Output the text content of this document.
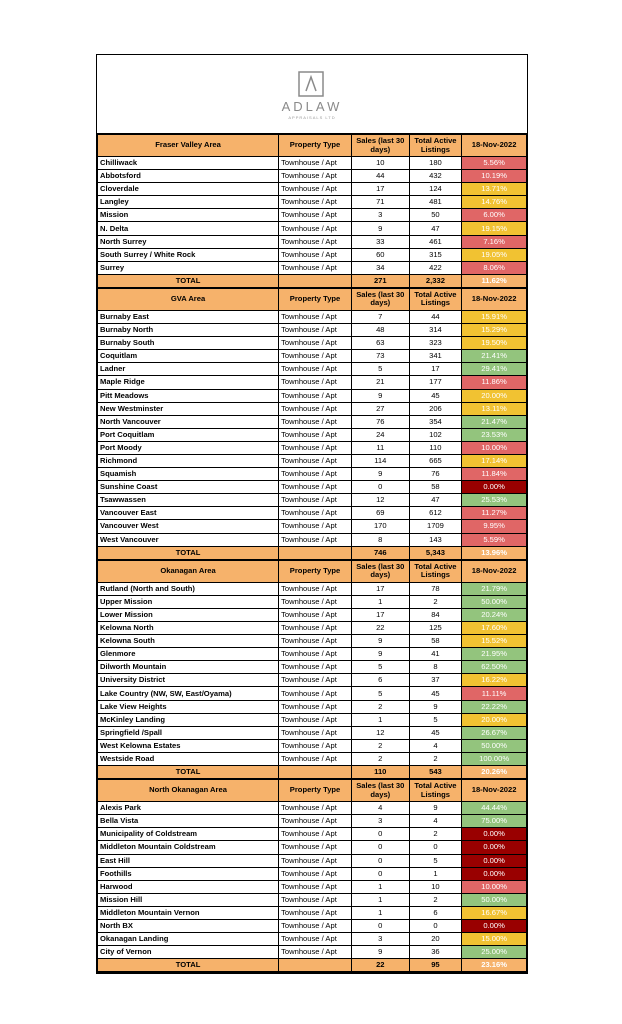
ADLAW
APPRAISALS LTD
Fraser Valley Area	Property Type	Sales (last 30 days)	Total Active Listings	18-Nov-2022
Chilliwack	Townhouse / Apt	10	180	5.56%
Abbotsford	Townhouse / Apt	44	432	10.19%
Cloverdale	Townhouse / Apt	17	124	13.71%
Langley	Townhouse / Apt	71	481	14.76%
Mission	Townhouse / Apt	3	50	6.00%
N. Delta	Townhouse / Apt	9	47	19.15%
North Surrey	Townhouse / Apt	33	461	7.16%
South Surrey / White Rock	Townhouse / Apt	60	315	19.05%
Surrey	Townhouse / Apt	34	422	8.06%
TOTAL		271	2,332	11.62%
GVA Area	Property Type	Sales (last 30 days)	Total Active Listings	18-Nov-2022
Burnaby East	Townhouse / Apt	7	44	15.91%
Burnaby North	Townhouse / Apt	48	314	15.29%
Burnaby South	Townhouse / Apt	63	323	19.50%
Coquitlam	Townhouse / Apt	73	341	21.41%
Ladner	Townhouse / Apt	5	17	29.41%
Maple Ridge	Townhouse / Apt	21	177	11.86%
Pitt Meadows	Townhouse / Apt	9	45	20.00%
New Westminster	Townhouse / Apt	27	206	13.11%
North Vancouver	Townhouse / Apt	76	354	21.47%
Port Coquitlam	Townhouse / Apt	24	102	23.53%
Port Moody	Townhouse / Apt	11	110	10.00%
Richmond	Townhouse / Apt	114	665	17.14%
Squamish	Townhouse / Apt	9	76	11.84%
Sunshine Coast	Townhouse / Apt	0	58	0.00%
Tsawwassen	Townhouse / Apt	12	47	25.53%
Vancouver East	Townhouse / Apt	69	612	11.27%
Vancouver West	Townhouse / Apt	170	1709	9.95%
West Vancouver	Townhouse / Apt	8	143	5.59%
TOTAL		746	5,343	13.96%
Okanagan Area	Property Type	Sales (last 30 days)	Total Active Listings	18-Nov-2022
Rutland (North and South)	Townhouse / Apt	17	78	21.79%
Upper Mission	Townhouse / Apt	1	2	50.00%
Lower Mission	Townhouse / Apt	17	84	20.24%
Kelowna North	Townhouse / Apt	22	125	17.60%
Kelowna South	Townhouse / Apt	9	58	15.52%
Glenmore	Townhouse / Apt	9	41	21.95%
Dilworth Mountain	Townhouse / Apt	5	8	62.50%
University District	Townhouse / Apt	6	37	16.22%
Lake Country (NW, SW, East/Oyama)	Townhouse / Apt	5	45	11.11%
Lake View Heights	Townhouse / Apt	2	9	22.22%
McKinley Landing	Townhouse / Apt	1	5	20.00%
Springfield /Spall	Townhouse / Apt	12	45	26.67%
West Kelowna Estates	Townhouse / Apt	2	4	50.00%
Westside Road	Townhouse / Apt	2	2	100.00%
TOTAL		110	543	20.26%
North Okanagan Area	Property Type	Sales (last 30 days)	Total Active Listings	18-Nov-2022
Alexis Park	Townhouse / Apt	4	9	44.44%
Bella Vista	Townhouse / Apt	3	4	75.00%
Municipality of Coldstream	Townhouse / Apt	0	2	0.00%
Middleton Mountain Coldstream	Townhouse / Apt	0	0	0.00%
East Hill	Townhouse / Apt	0	5	0.00%
Foothills	Townhouse / Apt	0	1	0.00%
Harwood	Townhouse / Apt	1	10	10.00%
Mission Hill	Townhouse / Apt	1	2	50.00%
Middleton Mountain Vernon	Townhouse / Apt	1	6	16.67%
North BX	Townhouse / Apt	0	0	0.00%
Okanagan Landing	Townhouse / Apt	3	20	15.00%
City of Vernon	Townhouse / Apt	9	36	25.00%
TOTAL		22	95	23.16%
